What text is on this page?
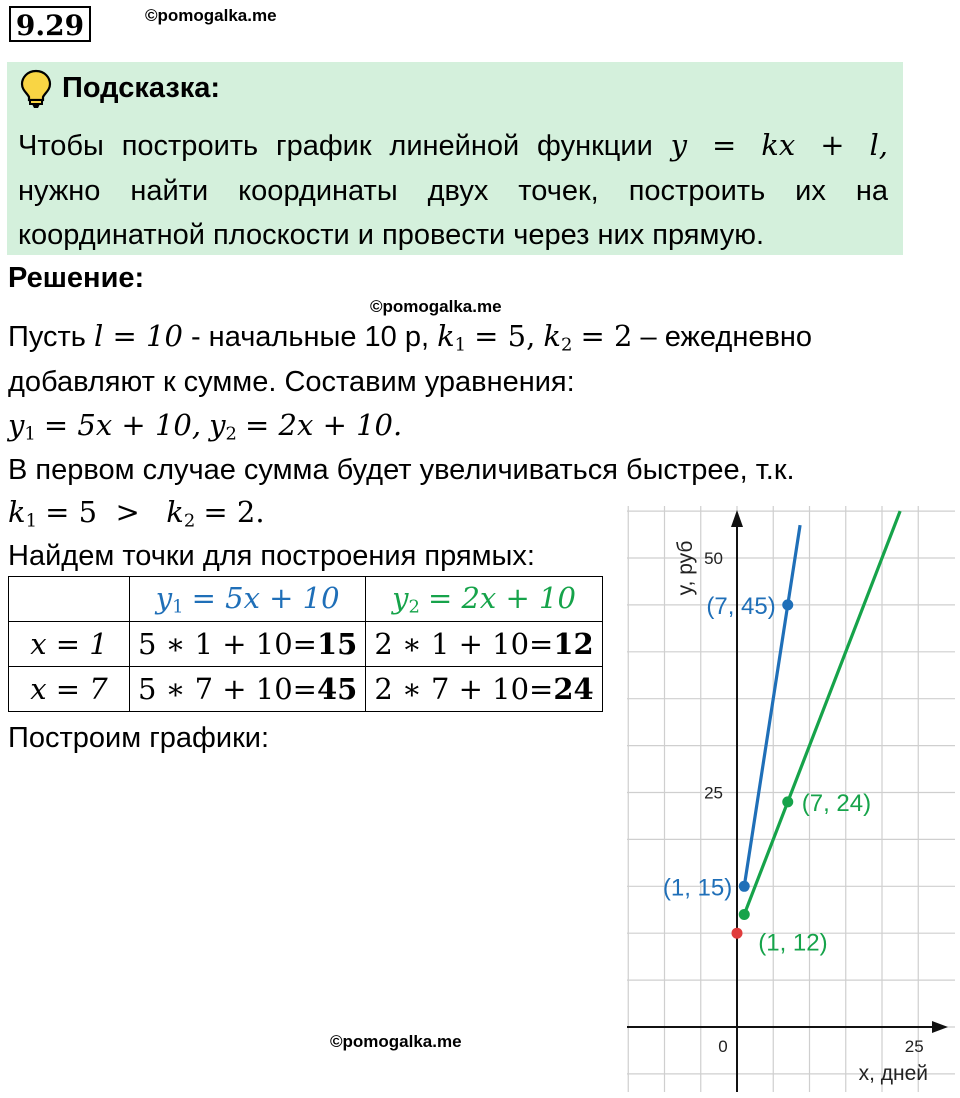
9.29	©pomogalka.me
Подсказка:
Чтобы построить график линейной функции y = kx + l,
нужно найти координаты двух точек, построить их на
координатной плоскости и провести через них прямую.
Решение:
©pomogalka.me
Пусть l = 10 - начальные 10 р, $k_1 = 5$, $k_2 = 2$ – ежедневно
добавляют к сумме. Составим уравнения:
$y_1 = 5x + 10$, $y_2 = 2x + 10$.
В первом случае сумма будет увеличиваться быстрее, т.к.
$k_1 = 5 > k_2 = 2$.
Найдем точки для построения прямых:
	$y_1 = 5x + 10$	$y_2 = 2x + 10$
x = 1	5 ∗ 1 + 10=15	2 ∗ 1 + 10=12
x = 7	5 ∗ 7 + 10=45	2 ∗ 7 + 10=24
Построим графики:
©pomogalka.me	0	25
25
50
x, дней
y, руб
(1, 15)
(7, 45)
(1, 12)
(7, 24)
